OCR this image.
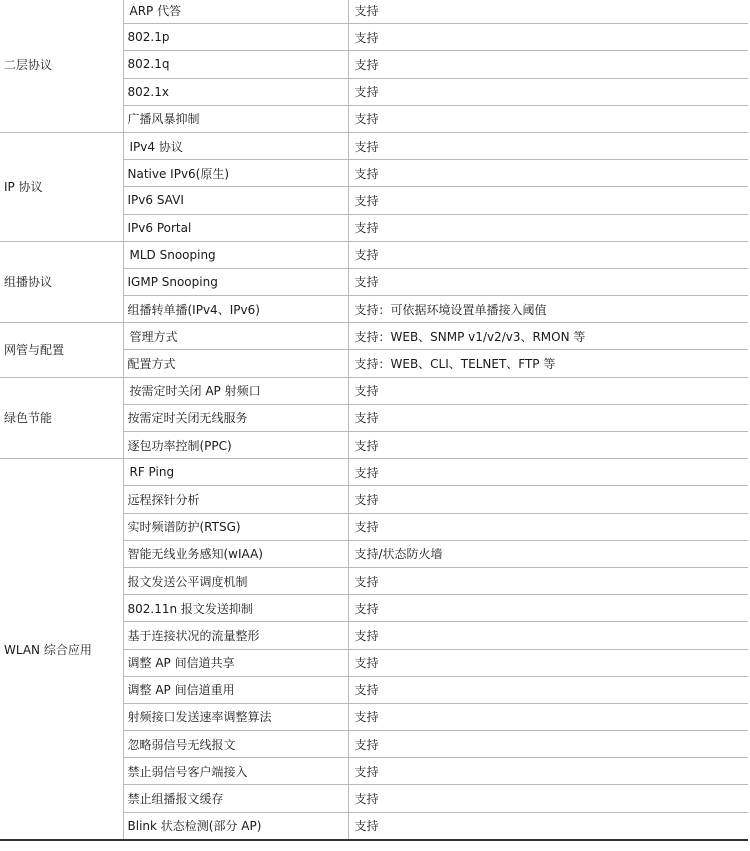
二层协议	ARP 代答	支持
	802.1p	支持
	802.1q	支持
	802.1x	支持
	广播风暴抑制	支持
IP 协议	IPv4 协议	支持
	Native IPv6(原生)	支持
	IPv6 SAVI	支持
	IPv6 Portal	支持
组播协议	MLD Snooping	支持
	IGMP Snooping	支持
	组播转单播(IPv4、IPv6)	支持：可依据环境设置单播接入阈值
网管与配置	管理方式	支持：WEB、SNMP v1/v2/v3、RMON 等
	配置方式	支持：WEB、CLI、TELNET、FTP 等
绿色节能	按需定时关闭 AP 射频口	支持
	按需定时关闭无线服务	支持
	逐包功率控制(PPC)	支持
WLAN 综合应用	RF Ping	支持
	远程探针分析	支持
	实时频谱防护(RTSG)	支持
	智能无线业务感知(wIAA)	支持/状态防火墙
	报文发送公平调度机制	支持
	802.11n 报文发送抑制	支持
	基于连接状况的流量整形	支持
	调整 AP 间信道共享	支持
	调整 AP 间信道重用	支持
	射频接口发送速率调整算法	支持
	忽略弱信号无线报文	支持
	禁止弱信号客户端接入	支持
	禁止组播报文缓存	支持
	Blink 状态检测(部分 AP)	支持
